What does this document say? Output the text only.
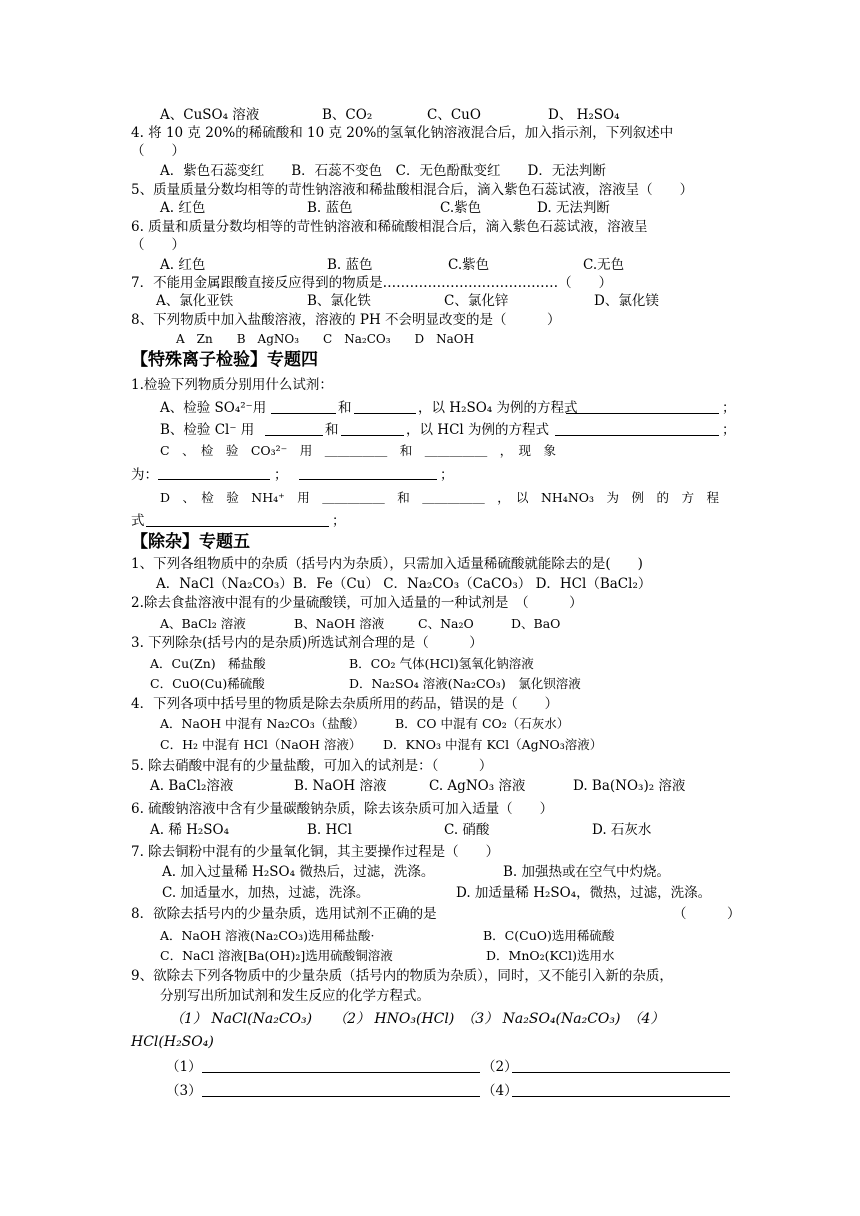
A、CuSO₄ 溶液	B、CO₂	C、CuO	D、 H₂SO₄
4. 将 10 克 20%的稀硫酸和 10 克 20%的氢氧化钠溶液混合后，加入指示剂，下列叙述中
（　　）
A．紫色石蕊变红　　B．石蕊不变色　C．无色酚酞变红　　D．无法判断
5、质量质量分数均相等的苛性钠溶液和稀盐酸相混合后，滴入紫色石蕊试液，溶液呈（　　）
A. 红色	B. 蓝色	C.紫色	D. 无法判断
6. 质量和质量分数均相等的苛性钠溶液和稀硫酸相混合后，滴入紫色石蕊试液，溶液呈
（　　）
A. 红色	B. 蓝色	C.紫色	C.无色
7．不能用金属跟酸直接反应得到的物质是…………………………………（　　）
A、氯化亚铁	B、氯化铁	C、氯化锌	D、氯化镁
8、下列物质中加入盐酸溶液，溶液的 PH 不会明显改变的是（　　　）
A　Zn　　B　AgNO₃　　C　Na₂CO₃　　D　NaOH
【特殊离子检验】专题四
1.检验下列物质分别用什么试剂：
A、检验 SO₄²⁻用	和	，以 H₂SO₄ 为例的方程式	；
B、检验 Cl⁻ 用	和	，以 HCl 为例的方程式	；
C　、　检　验　CO₃²⁻　用　＿＿＿＿＿　和　＿＿＿＿＿　，　现　象
为：	；	；
D　、　检　验　NH₄⁺　用　＿＿＿＿＿　和　＿＿＿＿＿　，　以　NH₄NO₃　为　例　的　方　程
式	；
【除杂】专题五
1、下列各组物质中的杂质（括号内为杂质），只需加入适量稀硫酸就能除去的是(　　)
A．NaCl（Na₂CO₃）B．Fe（Cu） C．Na₂CO₃（CaCO₃） D．HCl（BaCl₂）
2.除去食盐溶液中混有的少量硫酸镁，可加入适量的一种试剂是　（　　　）
A、BaCl₂ 溶液	B、NaOH 溶液	C、Na₂O	D、BaO
3. 下列除杂(括号内的是杂质)所选试剂合理的是（　　　）
A．Cu(Zn)　稀盐酸	B．CO₂ 气体(HCl)氢氧化钠溶液
C．CuO(Cu)稀硫酸	D．Na₂SO₄ 溶液(Na₂CO₃)　氯化钡溶液
4．下列各项中括号里的物质是除去杂质所用的药品，错误的是（　　）
A．NaOH 中混有 Na₂CO₃（盐酸） B．CO 中混有 CO₂（石灰水）
C．H₂ 中混有 HCl（NaOH 溶液） D．KNO₃ 中混有 KCl（AgNO₃溶液）
5. 除去硝酸中混有的少量盐酸，可加入的试剂是：（　　　）
A. BaCl₂溶液	B. NaOH 溶液	C. AgNO₃ 溶液	D. Ba(NO₃)₂ 溶液
6. 硫酸钠溶液中含有少量碳酸钠杂质，除去该杂质可加入适量（　　）
A. 稀 H₂SO₄	B. HCl	C. 硝酸	D. 石灰水
7. 除去铜粉中混有的少量氧化铜，其主要操作过程是（　　）
A. 加入过量稀 H₂SO₄ 微热后，过滤，洗涤。	B. 加强热或在空气中灼烧。
C. 加适量水，加热，过滤，洗涤。	D. 加适量稀 H₂SO₄，微热，过滤，洗涤。
8．欲除去括号内的少量杂质，选用试剂不正确的是	（　　　）
A．NaOH 溶液(Na₂CO₃)选用稀盐酸·	B．C(CuO)选用稀硫酸
C．NaCl 溶液[Ba(OH)₂]选用硫酸铜溶液	D．MnO₂(KCl)选用水
9、欲除去下列各物质中的少量杂质（括号内的物质为杂质），同时，又不能引入新的杂质，
分别写出所加试剂和发生反应的化学方程式。
（1） NaCl(Na₂CO₃)　　（2） HNO₃(HCl)　（3） Na₂SO₄(Na₂CO₃)　（4）
HCl(H₂SO₄)
（1）	（2）
（3）	（4）
